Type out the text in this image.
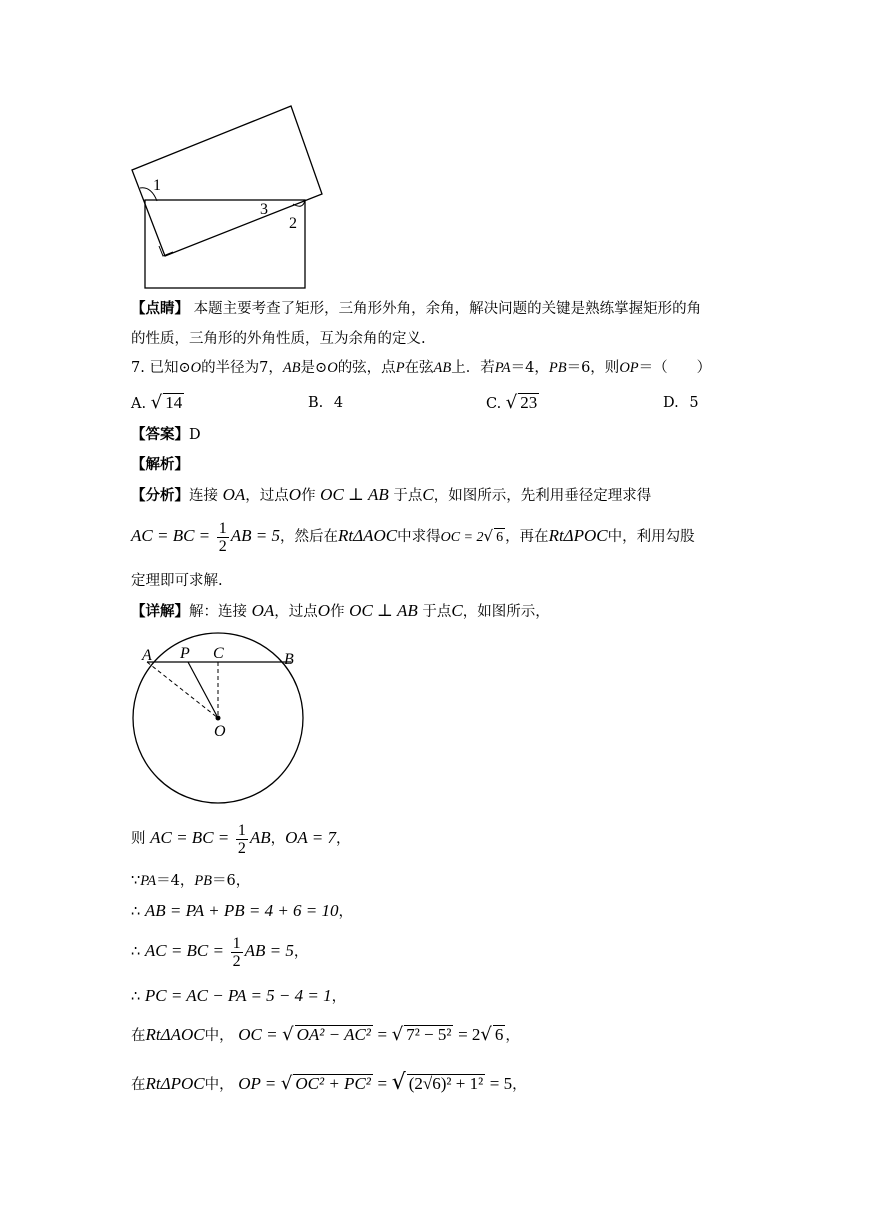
1
3
2
【点睛】 本题主要考查了矩形，三角形外角，余角，解决问题的关键是熟练掌握矩形的角
的性质，三角形的外角性质，互为余角的定义.
7. 已知⊙O的半径为7，AB是⊙O的弦，点P在弦AB上．若PA＝4，PB＝6，则OP＝（　　）
A. √ 14	B. 4	C. √ 23	D. 5
【答案】D
【解析】
【分析】连接 OA，过点O作 OC ⊥ AB 于点C，如图所示，先利用垂径定理求得
AC = BC = $\frac{1}{2}$ AB = 5，然后在RtΔAOC中求得OC = 2√ 6 ，再在RtΔPOC中，利用勾股
定理即可求解.
【详解】解：连接 OA，过点O作 OC ⊥ AB 于点C，如图所示，
A P C	B
O
则 AC = BC = $\frac{1}{2}$ AB，OA = 7，
∵PA＝4，PB＝6，
∴ AB = PA + PB = 4 + 6 = 10，
∴ AC = BC = $\frac{1}{2}$ AB = 5，
∴ PC = AC − PA = 5 − 4 = 1，
在RtΔAOC中， OC = √ OA² − AC² = √ 7² − 5² = 2√ 6 ，
在RtΔPOC中， OP = √ OC² + PC² = √ (2√6)² + 1² = 5，
